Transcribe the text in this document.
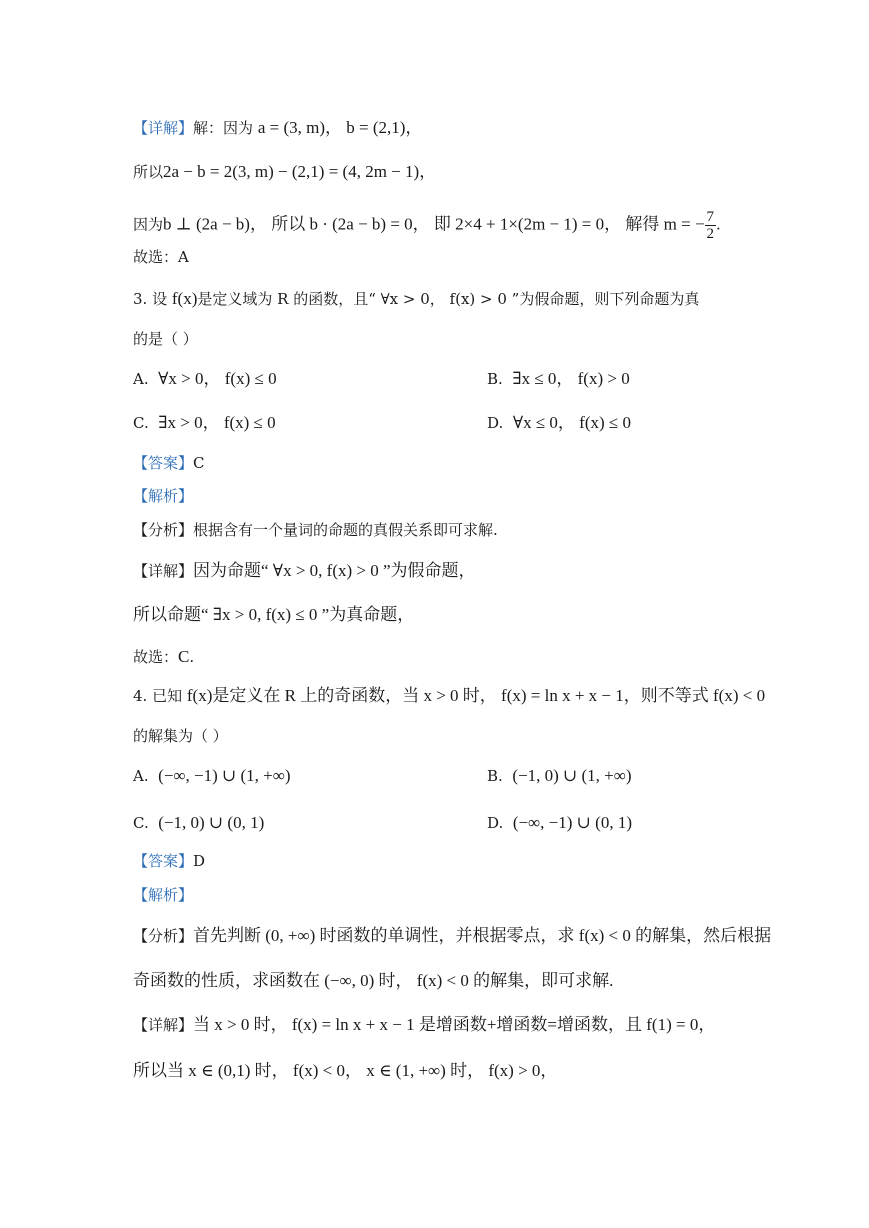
【详解】解：因为 a = (3, m)， b = (2,1)，
所以2a − b = 2(3, m) − (2,1) = (4, 2m − 1)，
因为b ⊥ (2a − b)， 所以 b · (2a − b) = 0， 即 2×4 + 1×(2m − 1) = 0， 解得 m = − $\frac{7}{2}$ .
故选：A
3. 设 f(x)是定义域为 R 的函数，且“ ∀x > 0， f(x) > 0 ”为假命题，则下列命题为真
的是（ ）
A. ∀x > 0， f(x) ≤ 0	B. ∃x ≤ 0， f(x) > 0
C. ∃x > 0， f(x) ≤ 0	D. ∀x ≤ 0， f(x) ≤ 0
【答案】C
【解析】
【分析】根据含有一个量词的命题的真假关系即可求解.
【详解】因为命题“ ∀x > 0, f(x) > 0 ”为假命题，
所以命题“ ∃x > 0, f(x) ≤ 0 ”为真命题，
故选：C.
4. 已知 f(x)是定义在 R 上的奇函数，当 x > 0 时， f(x) = ln x + x − 1，则不等式 f(x) < 0
的解集为（ ）
A. (−∞, −1) ∪ (1, +∞)	B. (−1, 0) ∪ (1, +∞)
C. (−1, 0) ∪ (0, 1)	D. (−∞, −1) ∪ (0, 1)
【答案】D
【解析】
【分析】首先判断 (0, +∞) 时函数的单调性，并根据零点，求 f(x) < 0 的解集，然后根据
奇函数的性质，求函数在 (−∞, 0) 时， f(x) < 0 的解集，即可求解.
【详解】当 x > 0 时， f(x) = ln x + x − 1 是增函数+增函数=增函数，且 f(1) = 0，
所以当 x ∈ (0,1) 时， f(x) < 0， x ∈ (1, +∞) 时， f(x) > 0，
